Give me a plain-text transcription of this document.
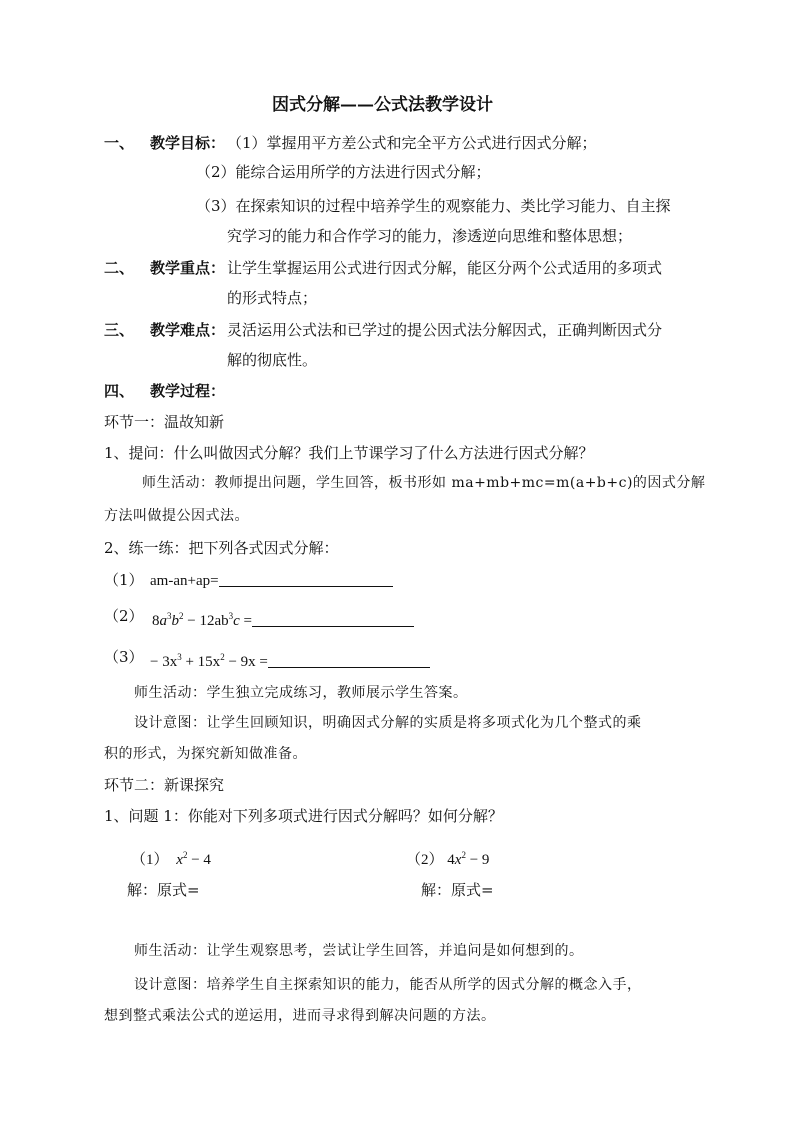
因式分解——公式法教学设计
一、 教学目标： （1）掌握用平方差公式和完全平方公式进行因式分解；
（2）能综合运用所学的方法进行因式分解；
（3）在探索知识的过程中培养学生的观察能力、类比学习能力、自主探
究学习的能力和合作学习的能力，渗透逆向思维和整体思想；
二、 教学重点： 让学生掌握运用公式进行因式分解，能区分两个公式适用的多项式
的形式特点；
三、 教学难点： 灵活运用公式法和已学过的提公因式法分解因式，正确判断因式分
解的彻底性。
四、 教学过程：
环节一：温故知新
1、提问：什么叫做因式分解？我们上节课学习了什么方法进行因式分解？
师生活动：教师提出问题，学生回答，板书形如 ma+mb+mc=m(a+b+c)的因式分解
方法叫做提公因式法。
2、练一练：把下列各式因式分解：
（1） am-an+ap=
（2） $8a^3b^2 - 12ab^3c$ =
$(3) - 3x^3 + 15x^2 - 9x$ =
师生活动：学生独立完成练习，教师展示学生答案。
设计意图：让学生回顾知识，明确因式分解的实质是将多项式化为几个整式的乘
积的形式，为探究新知做准备。
环节二：新课探究
1、问题 1：你能对下列多项式进行因式分解吗？如何分解？
（1） $x^2 - 4$	（2） $4x^2 - 9$
解：原式=	解：原式=
师生活动：让学生观察思考，尝试让学生回答，并追问是如何想到的。
设计意图：培养学生自主探索知识的能力，能否从所学的因式分解的概念入手，
想到整式乘法公式的逆运用，进而寻求得到解决问题的方法。
